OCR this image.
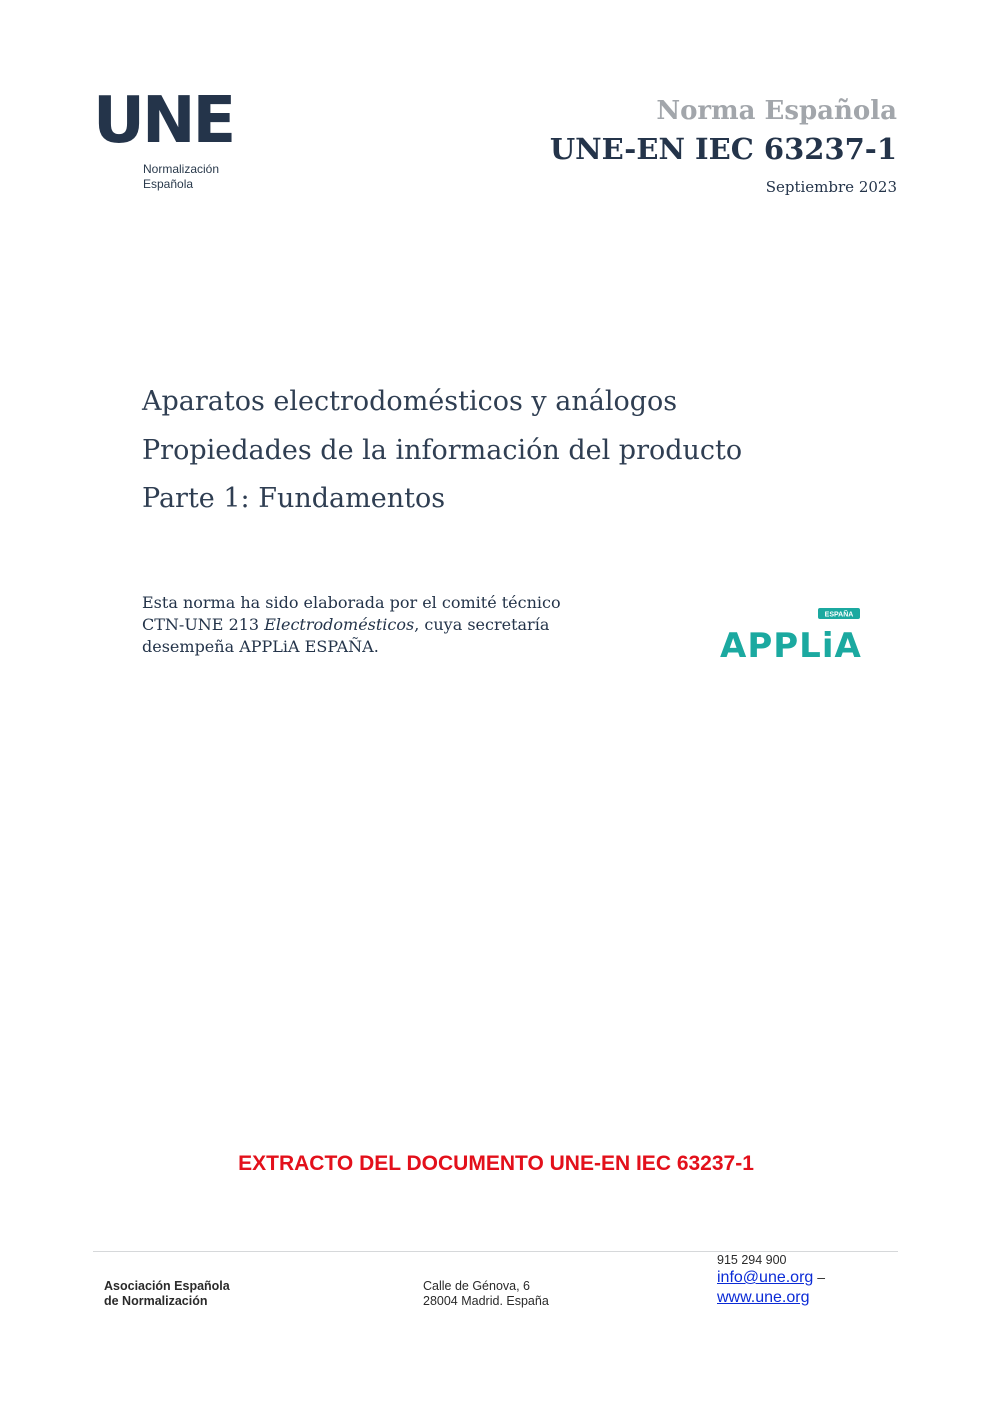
UNE
Normalización
Española
Norma Española
UNE-EN IEC 63237-1
Septiembre 2023
Aparatos electrodomésticos y análogos
Propiedades de la información del producto
Parte 1: Fundamentos
Esta norma ha sido elaborada por el comité técnico
CTN-UNE 213 Electrodomésticos, cuya secretaría
desempeña APPLiA ESPAÑA.
ESPAÑA
APPLiA
EXTRACTO DEL DOCUMENTO UNE-EN IEC 63237-1
Asociación Española
de Normalización
Calle de Génova, 6
28004 Madrid. España
915 294 900
info@une.org –
www.une.org
